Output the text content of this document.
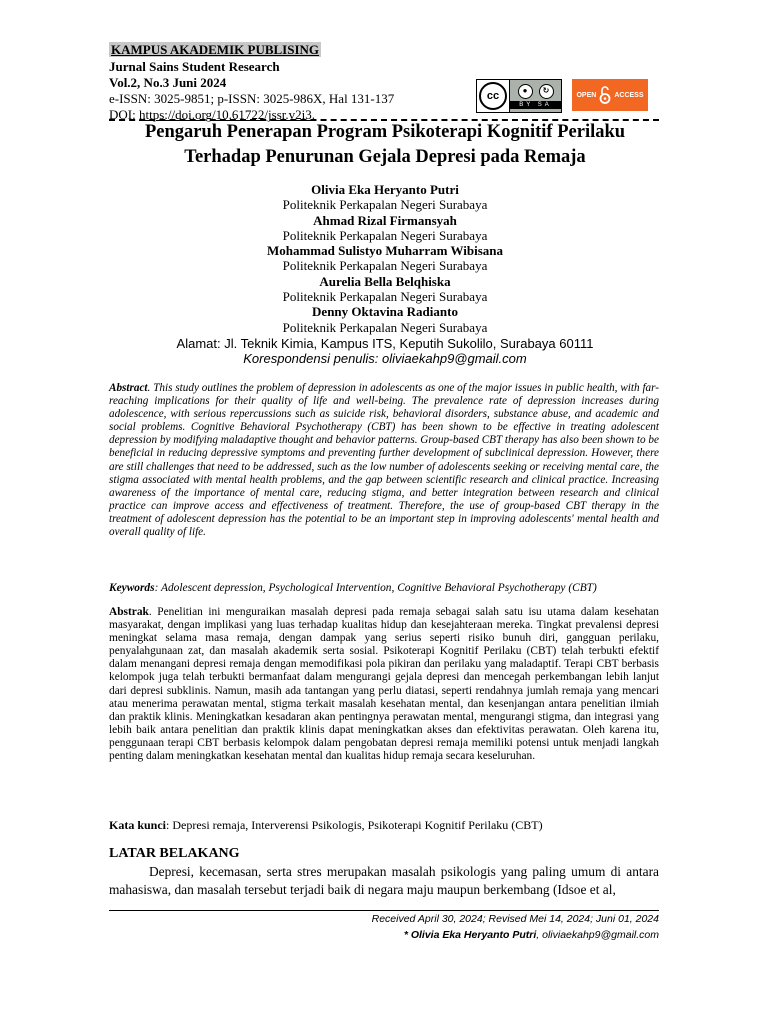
KAMPUS AKADEMIK PUBLISING
Jurnal Sains Student Research
Vol.2, No.3 Juni 2024
e-ISSN: 3025-9851; p-ISSN: 3025-986X, Hal 131-137
DOI: https://doi.org/10.61722/jssr.v2i3.
cc	●	↻
BY SA
OPEN	ACCESS
Pengaruh Penerapan Program Psikoterapi Kognitif Perilaku
Terhadap Penurunan Gejala Depresi pada Remaja
Olivia Eka Heryanto Putri
Politeknik Perkapalan Negeri Surabaya
Ahmad Rizal Firmansyah
Politeknik Perkapalan Negeri Surabaya
Mohammad Sulistyo Muharram Wibisana
Politeknik Perkapalan Negeri Surabaya
Aurelia Bella Belqhiska
Politeknik Perkapalan Negeri Surabaya
Denny Oktavina Radianto
Politeknik Perkapalan Negeri Surabaya
Alamat: Jl. Teknik Kimia, Kampus ITS, Keputih Sukolilo, Surabaya 60111
Korespondensi penulis: oliviaekahp9@gmail.com
Abstract. This study outlines the problem of depression in adolescents as one of the major issues in public health, with far-reaching implications for their quality of life and well-being. The prevalence rate of depression increases during adolescence, with serious repercussions such as suicide risk, behavioral disorders, substance abuse, and academic and social problems. Cognitive Behavioral Psychotherapy (CBT) has been shown to be effective in treating adolescent depression by modifying maladaptive thought and behavior patterns. Group-based CBT therapy has also been shown to be beneficial in reducing depressive symptoms and preventing further development of subclinical depression. However, there are still challenges that need to be addressed, such as the low number of adolescents seeking or receiving mental care, the stigma associated with mental health problems, and the gap between scientific research and clinical practice. Increasing awareness of the importance of mental care, reducing stigma, and better integration between research and clinical practice can improve access and effectiveness of treatment. Therefore, the use of group-based CBT therapy in the treatment of adolescent depression has the potential to be an important step in improving adolescents' mental health and overall quality of life.
Keywords: Adolescent depression, Psychological Intervention, Cognitive Behavioral Psychotherapy (CBT)
Abstrak. Penelitian ini menguraikan masalah depresi pada remaja sebagai salah satu isu utama dalam kesehatan masyarakat, dengan implikasi yang luas terhadap kualitas hidup dan kesejahteraan mereka. Tingkat prevalensi depresi meningkat selama masa remaja, dengan dampak yang serius seperti risiko bunuh diri, gangguan perilaku, penyalahgunaan zat, dan masalah akademik serta sosial. Psikoterapi Kognitif Perilaku (CBT) telah terbukti efektif dalam menangani depresi remaja dengan memodifikasi pola pikiran dan perilaku yang maladaptif. Terapi CBT berbasis kelompok juga telah terbukti bermanfaat dalam mengurangi gejala depresi dan mencegah perkembangan lebih lanjut dari depresi subklinis. Namun, masih ada tantangan yang perlu diatasi, seperti rendahnya jumlah remaja yang mencari atau menerima perawatan mental, stigma terkait masalah kesehatan mental, dan kesenjangan antara penelitian ilmiah dan praktik klinis. Meningkatkan kesadaran akan pentingnya perawatan mental, mengurangi stigma, dan integrasi yang lebih baik antara penelitian dan praktik klinis dapat meningkatkan akses dan efektivitas perawatan. Oleh karena itu, penggunaan terapi CBT berbasis kelompok dalam pengobatan depresi remaja memiliki potensi untuk menjadi langkah penting dalam meningkatkan kesehatan mental dan kualitas hidup remaja secara keseluruhan.
Kata kunci: Depresi remaja, Interverensi Psikologis, Psikoterapi Kognitif Perilaku (CBT)
LATAR BELAKANG
Depresi, kecemasan, serta stres merupakan masalah psikologis yang paling umum di antara mahasiswa, dan masalah tersebut terjadi baik di negara maju maupun berkembang (Idsoe et al,
Received April 30, 2024; Revised Mei 14, 2024; Juni 01, 2024
* Olivia Eka Heryanto Putri, oliviaekahp9@gmail.com
